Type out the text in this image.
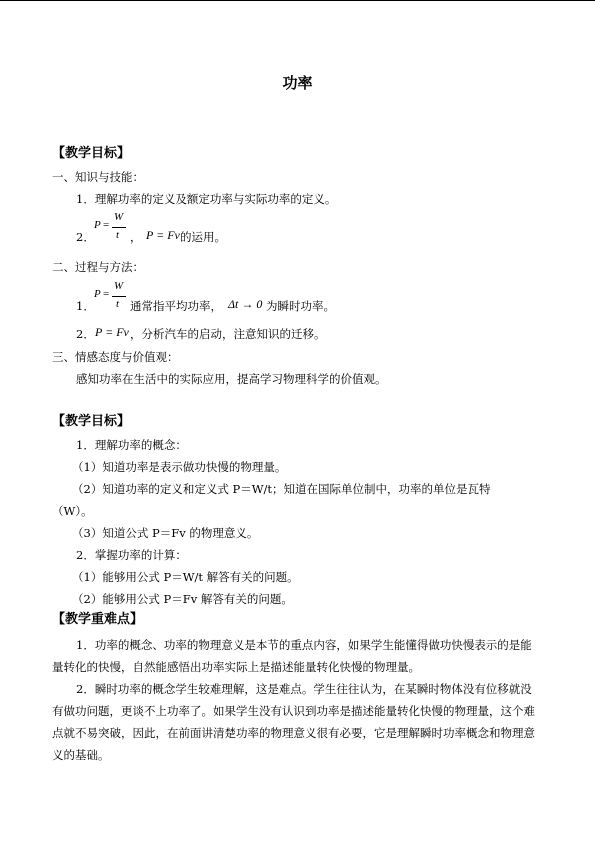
功率
【教学目标】
一、知识与技能：
1．理解功率的定义及额定功率与实际功率的定义。
2．
P =
W
t ， P = Fv 的运用。
二、过程与方法：
1．
P =
W
t 通常指平均功率， Δt → 0 为瞬时功率。
2． P = Fv ，分析汽车的启动，注意知识的迁移。
三、情感态度与价值观：
感知功率在生活中的实际应用，提高学习物理科学的价值观。
【教学目标】
1．理解功率的概念：
（1）知道功率是表示做功快慢的物理量。
（2）知道功率的定义和定义式 P＝W/t；知道在国际单位制中，功率的单位是瓦特
（W）。
（3）知道公式 P＝Fv 的物理意义。
2．掌握功率的计算：
（1）能够用公式 P＝W/t 解答有关的问题。
（2）能够用公式 P＝Fv 解答有关的问题。
【教学重难点】
1．功率的概念、功率的物理意义是本节的重点内容，如果学生能懂得做功快慢表示的是能量转化的快慢，自然能感悟出功率实际上是描述能量转化快慢的物理量。
2．瞬时功率的概念学生较难理解，这是难点。学生往往认为，在某瞬时物体没有位移就没有做功问题，更谈不上功率了。如果学生没有认识到功率是描述能量转化快慢的物理量，这个难点就不易突破，因此，在前面讲清楚功率的物理意义很有必要，它是理解瞬时功率概念和物理意义的基础。
